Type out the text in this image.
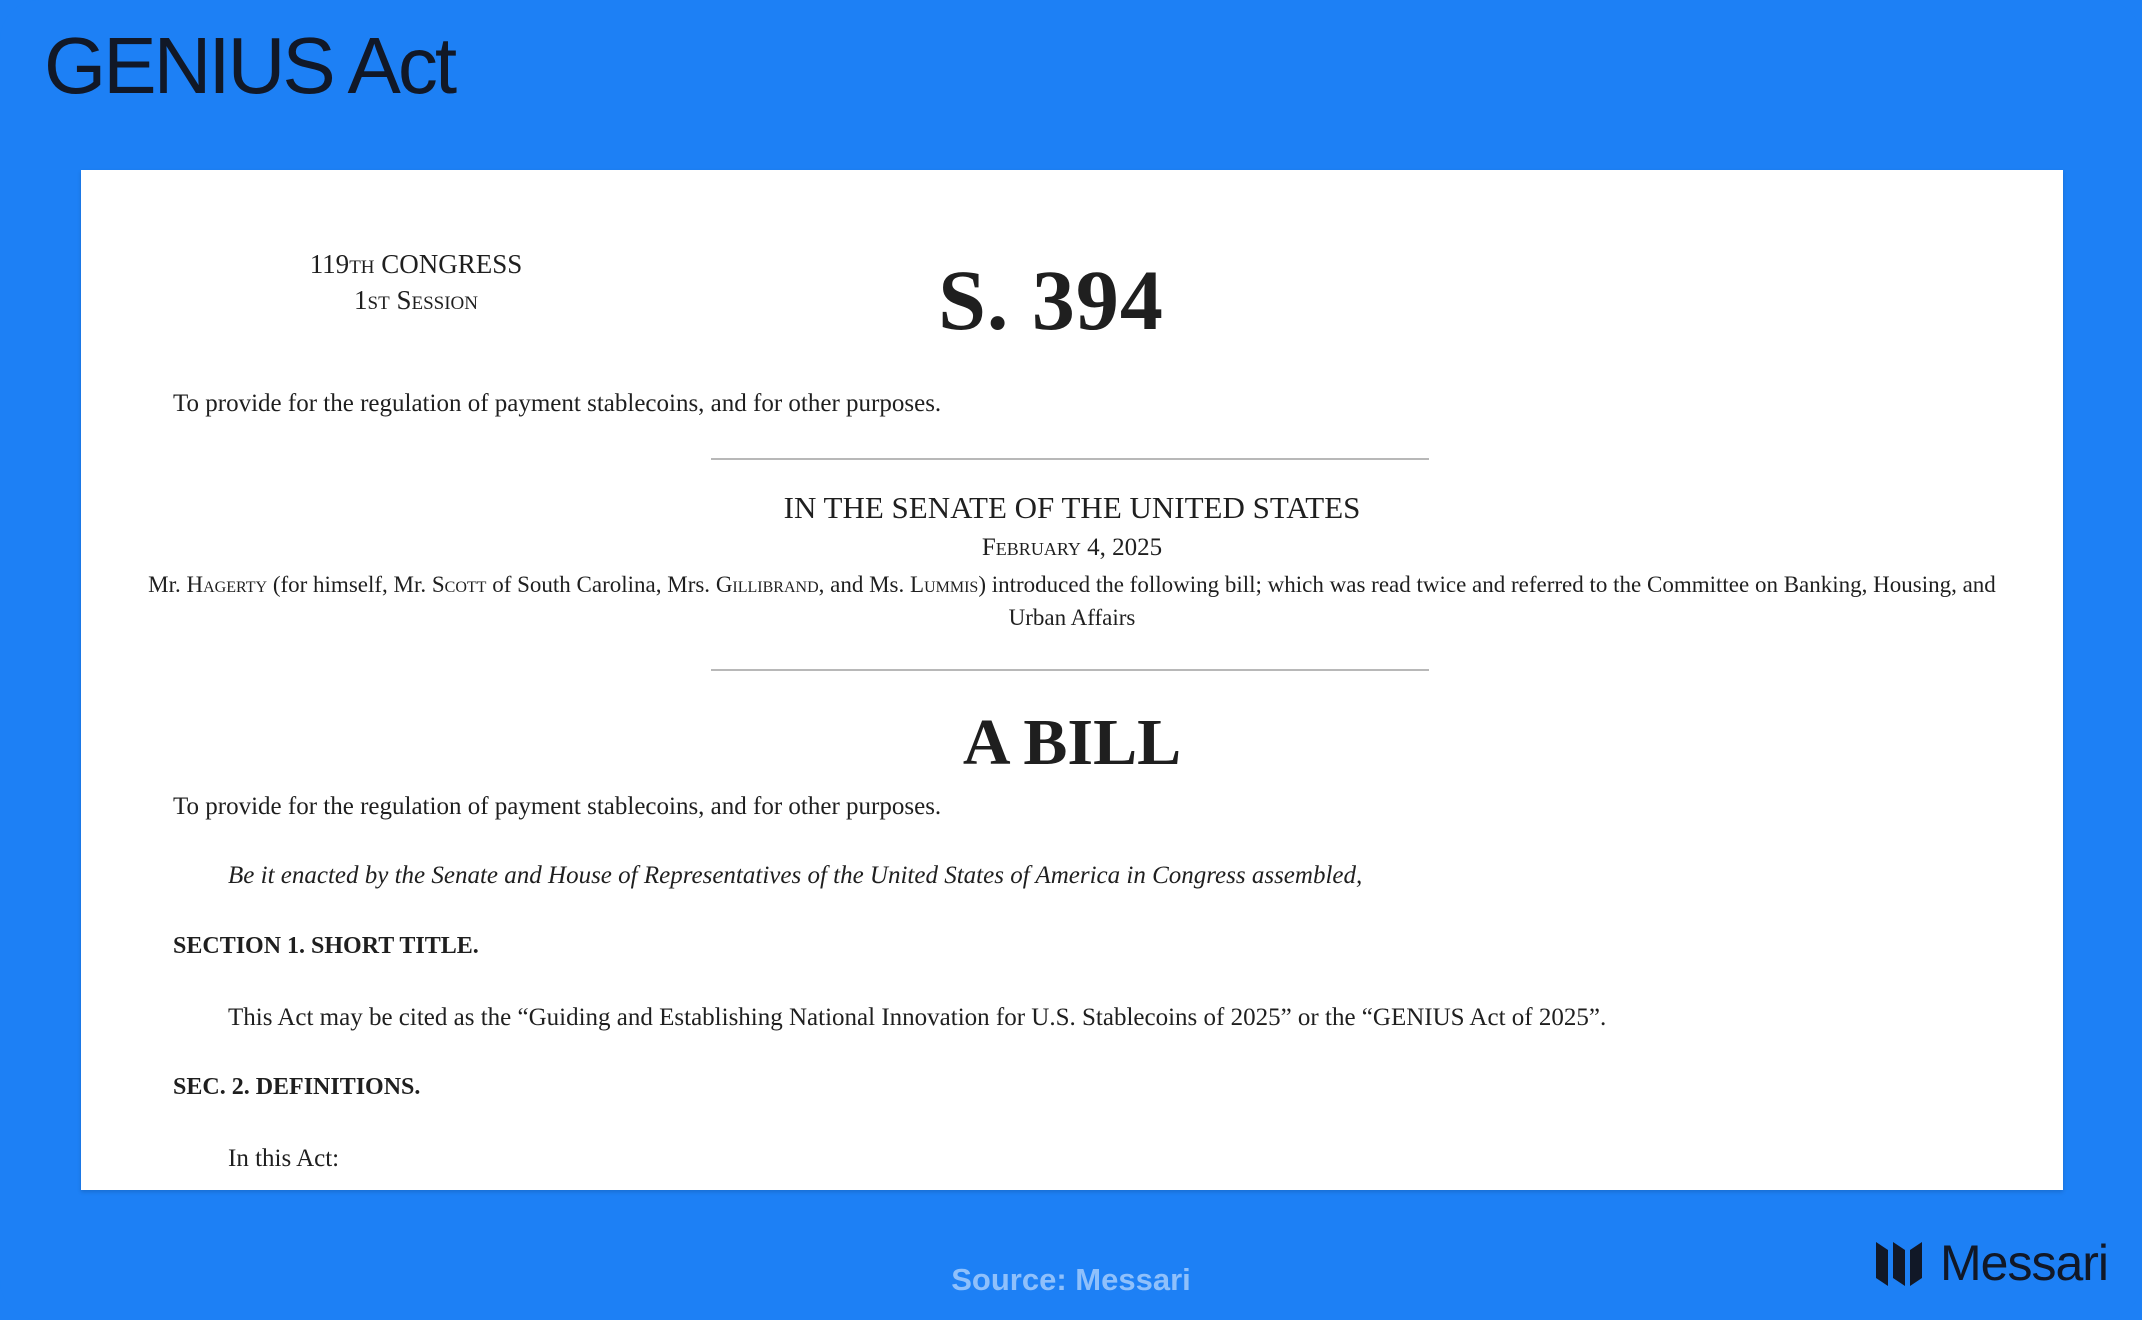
GENIUS Act
119th CONGRESS
1st Session	S. 394
To provide for the regulation of payment stablecoins, and for other purposes.
IN THE SENATE OF THE UNITED STATES
February 4, 2025
Mr. Hagerty (for himself, Mr. Scott of South Carolina, Mrs. Gillibrand, and Ms. Lummis) introduced the following bill; which was read twice and referred to the Committee on Banking, Housing, and Urban Affairs
A BILL
To provide for the regulation of payment stablecoins, and for other purposes.
Be it enacted by the Senate and House of Representatives of the United States of America in Congress assembled,
SECTION 1. SHORT TITLE.
This Act may be cited as the “Guiding and Establishing National Innovation for U.S. Stablecoins of 2025” or the “GENIUS Act of 2025”.
SEC. 2. DEFINITIONS.
In this Act:
Source: Messari	Messari
